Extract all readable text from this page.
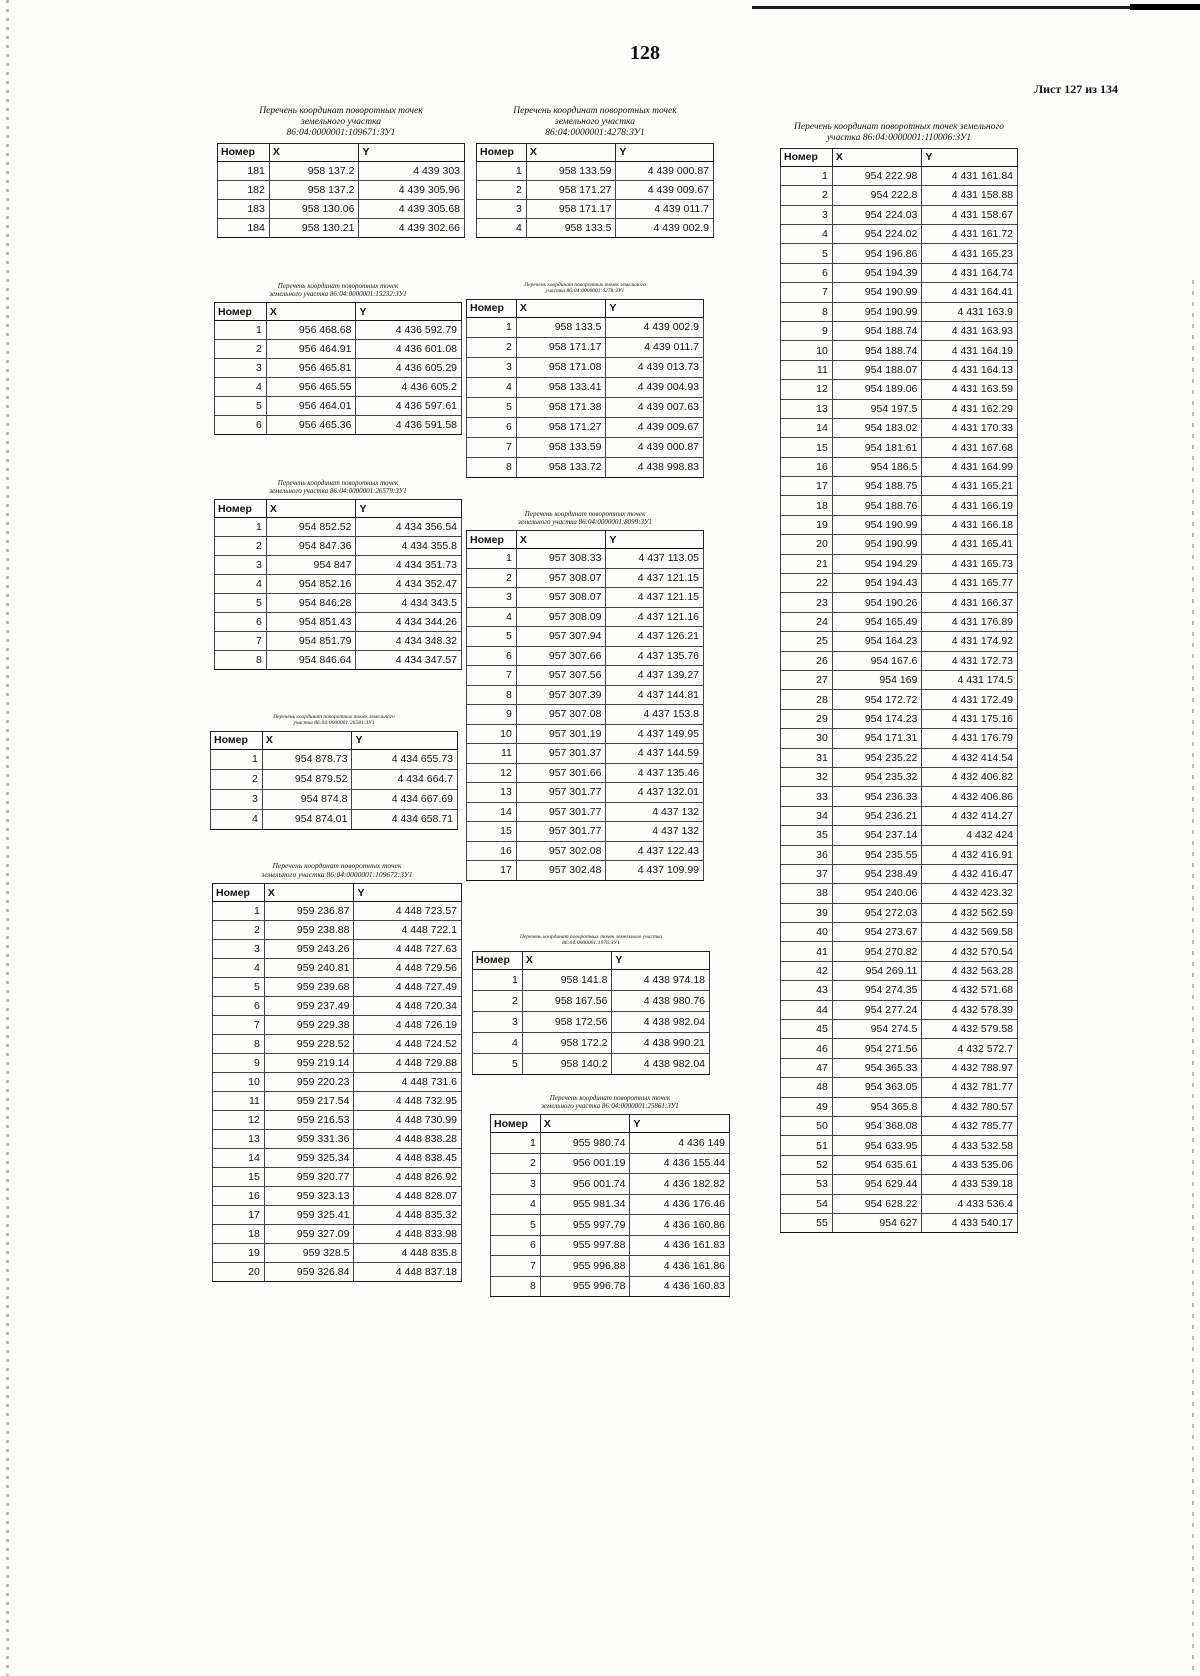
128
Лист 127 из 134
Перечень координат поворотных точек
земельного участка
86:04:0000001:109671:ЗУ1
Номер	X	Y
181	958 137.2	4 439 303
182	958 137.2	4 439 305.96
183	958 130.06	4 439 305.68
184	958 130.21	4 439 302.66
Перечень координат поворотных точек
земельного участка 86:04:0000001:15232:ЗУ1
Номер	X	Y
1	956 468.68	4 436 592.79
2	956 464.91	4 436 601.08
3	956 465.81	4 436 605.29
4	956 465.55	4 436 605.2
5	956 464.01	4 436 597.61
6	956 465.36	4 436 591.58
Перечень координат поворотных точек
земельного участка 86:04:0000001:26579:ЗУ1
Номер	X	Y
1	954 852.52	4 434 356.54
2	954 847.36	4 434 355.8
3	954 847	4 434 351.73
4	954 852.16	4 434 352.47
5	954 846.28	4 434 343.5
6	954 851.43	4 434 344.26
7	954 851.79	4 434 348.32
8	954 846.64	4 434 347.57
Перечень координат поворотных точек земельного
участка 86:04:0000001:26581:ЗУ1
Номер	X	Y
1	954 878.73	4 434 655.73
2	954 879.52	4 434 664.7
3	954 874.8	4 434 667.69
4	954 874.01	4 434 658.71
Перечень координат поворотных точек
земельного участка 86:04:0000001:109672:ЗУ1
Номер	X	Y
1	959 236.87	4 448 723.57
2	959 238.88	4 448 722.1
3	959 243.26	4 448 727.63
4	959 240.81	4 448 729.56
5	959 239.68	4 448 727.49
6	959 237.49	4 448 720.34
7	959 229.38	4 448 726.19
8	959 228.52	4 448 724.52
9	959 219.14	4 448 729.88
10	959 220.23	4 448 731.6
11	959 217.54	4 448 732.95
12	959 216.53	4 448 730.99
13	959 331.36	4 448 838.28
14	959 325.34	4 448 838.45
15	959 320.77	4 448 826.92
16	959 323.13	4 448 828.07
17	959 325.41	4 448 835.32
18	959 327.09	4 448 833.98
19	959 328.5	4 448 835.8
20	959 326.84	4 448 837.18
Перечень координат поворотных точек
земельного участка
86:04:0000001:4278:ЗУ1
Номер	X	Y
1	958 133.59	4 439 000.87
2	958 171.27	4 439 009.67
3	958 171.17	4 439 011.7
4	958 133.5	4 439 002.9
Перечень координат поворотных точек земельного
участка 86:04:0000001:4278:ЗУ1
Номер	X	Y
1	958 133.5	4 439 002.9
2	958 171.17	4 439 011.7
3	958 171.08	4 439 013.73
4	958 133.41	4 439 004.93
5	958 171.38	4 439 007.63
6	958 171.27	4 439 009.67
7	958 133.59	4 439 000.87
8	958 133.72	4 438 998.83
Перечень координат поворотных точек
земельного участка 86:04:0000001:8099:ЗУ1
Номер	X	Y
1	957 308.33	4 437 113.05
2	957 308.07	4 437 121.15
3	957 308.07	4 437 121.15
4	957 308.09	4 437 121.16
5	957 307.94	4 437 126.21
6	957 307.66	4 437 135.76
7	957 307.56	4 437 139.27
8	957 307.39	4 437 144.81
9	957 307.08	4 437 153.8
10	957 301.19	4 437 149.95
11	957 301.37	4 437 144.59
12	957 301.66	4 437 135.46
13	957 301.77	4 437 132.01
14	957 301.77	4 437 132
15	957 301.77	4 437 132
16	957 302.08	4 437 122.43
17	957 302.48	4 437 109.99
Перечень координат поворотных точек земельного участка
86:04:0000001:1976:ЗУ1
Номер	X	Y
1	958 141.8	4 438 974.18
2	958 167.56	4 438 980.76
3	958 172.56	4 438 982.04
4	958 172.2	4 438 990.21
5	958 140.2	4 438 982.04
Перечень координат поворотных точек
земельного участка 86:04:0000001:25861:ЗУ1
Номер	X	Y
1	955 980.74	4 436 149
2	956 001.19	4 436 155.44
3	956 001.74	4 436 182.82
4	955 981.34	4 436 176.46
5	955 997.79	4 436 160.86
6	955 997.88	4 436 161.83
7	955 996.88	4 436 161.86
8	955 996.78	4 436 160.83
Перечень координат поворотных точек земельного
участка 86:04:0000001:110006:ЗУ1
Номер	X	Y
1	954 222.98	4 431 161.84
2	954 222.8	4 431 158.88
3	954 224.03	4 431 158.67
4	954 224.02	4 431 161.72
5	954 196.86	4 431 165.23
6	954 194.39	4 431 164.74
7	954 190.99	4 431 164.41
8	954 190.99	4 431 163.9
9	954 188.74	4 431 163.93
10	954 188.74	4 431 164.19
11	954 188.07	4 431 164.13
12	954 189.06	4 431 163.59
13	954 197.5	4 431 162.29
14	954 183.02	4 431 170.33
15	954 181.61	4 431 167.68
16	954 186.5	4 431 164.99
17	954 188.75	4 431 165.21
18	954 188.76	4 431 166.19
19	954 190.99	4 431 166.18
20	954 190.99	4 431 165.41
21	954 194.29	4 431 165.73
22	954 194.43	4 431 165.77
23	954 190.26	4 431 166.37
24	954 165.49	4 431 176.89
25	954 164.23	4 431 174.92
26	954 167.6	4 431 172.73
27	954 169	4 431 174.5
28	954 172.72	4 431 172.49
29	954 174.23	4 431 175.16
30	954 171.31	4 431 176.79
31	954 235.22	4 432 414.54
32	954 235.32	4 432 406.82
33	954 236.33	4 432 406.86
34	954 236.21	4 432 414.27
35	954 237.14	4 432 424
36	954 235.55	4 432 416.91
37	954 238.49	4 432 416.47
38	954 240.06	4 432 423.32
39	954 272.03	4 432 562.59
40	954 273.67	4 432 569.58
41	954 270.82	4 432 570.54
42	954 269.11	4 432 563.28
43	954 274.35	4 432 571.68
44	954 277.24	4 432 578.39
45	954 274.5	4 432 579.58
46	954 271.56	4 432 572.7
47	954 365.33	4 432 788.97
48	954 363.05	4 432 781.77
49	954 365.8	4 432 780.57
50	954 368.08	4 432 785.77
51	954 633.95	4 433 532.58
52	954 635.61	4 433 535.06
53	954 629.44	4 433 539.18
54	954 628.22	4 433 536.4
55	954 627	4 433 540.17
